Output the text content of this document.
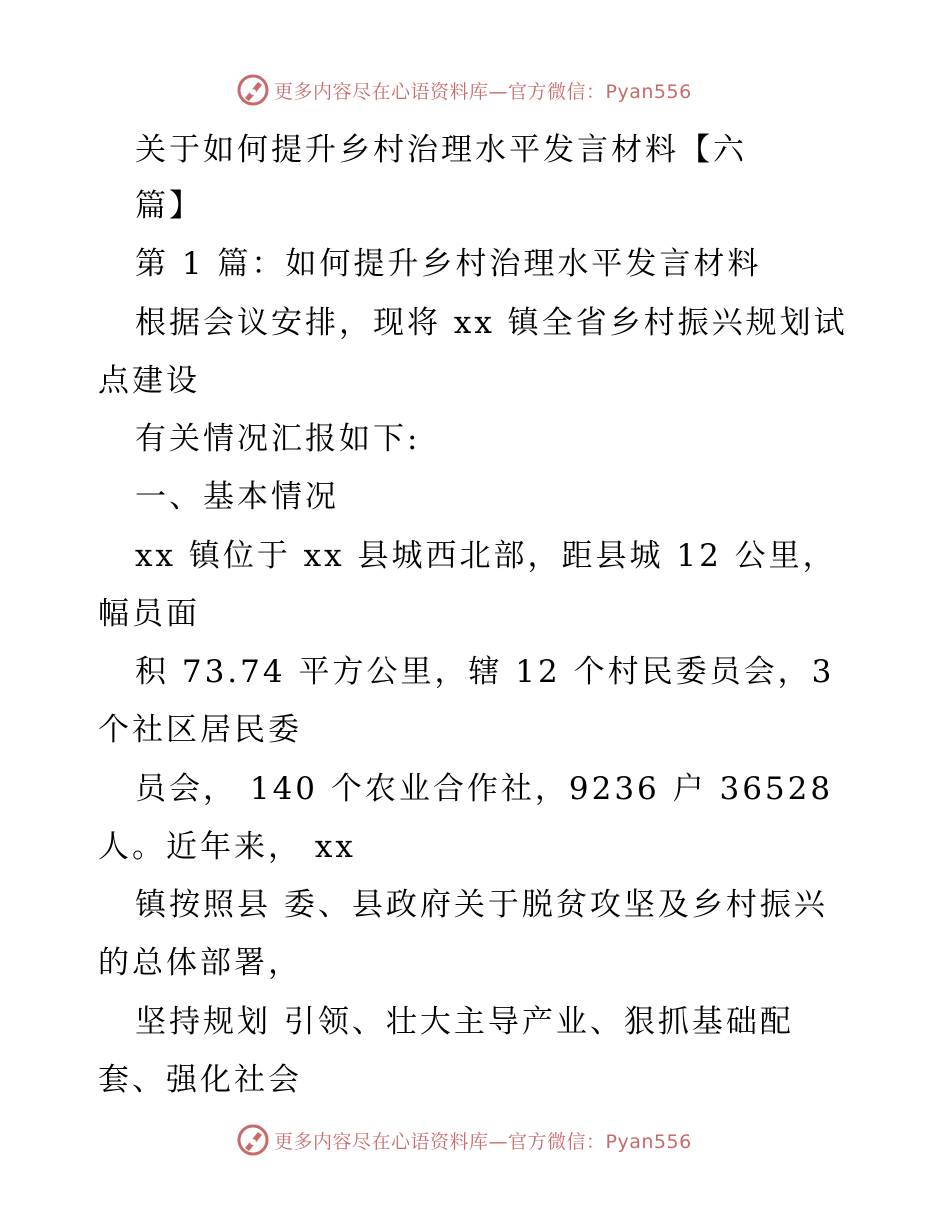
更多内容尽在心语资料库—官方微信：Pyan556
关于如何提升乡村治理水平发言材料【六
篇】
第 1 篇：如何提升乡村治理水平发言材料
根据会议安排，现将 xx 镇全省乡村振兴规划试
点建设
有关情况汇报如下:
一、基本情况
xx 镇位于 xx 县城西北部，距县城 12 公里，
幅员面
积 73.74 平方公里，辖 12 个村民委员会，3
个社区居民委
员会， 140 个农业合作社，9236 户 36528
人。近年来， xx
镇按照县 委、县政府关于脱贫攻坚及乡村振兴
的总体部署，
坚持规划 引领、壮大主导产业、狠抓基础配
套、强化社会
更多内容尽在心语资料库—官方微信：Pyan556
